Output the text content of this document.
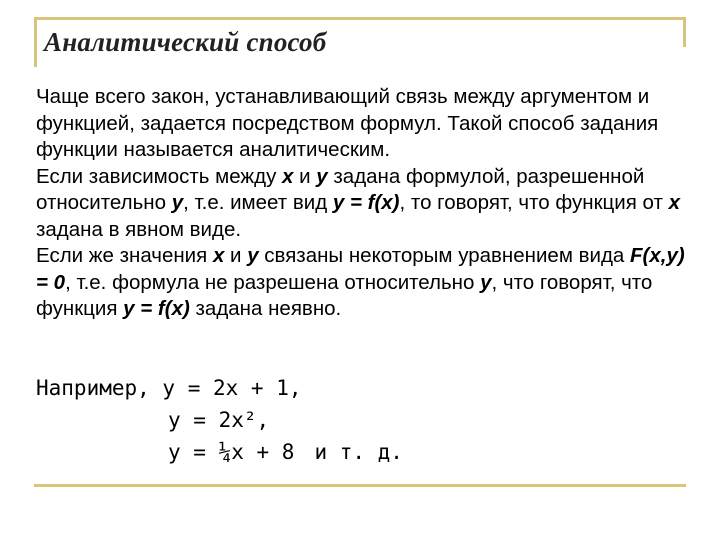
Аналитический способ

Чаще всего закон, устанавливающий связь между аргументом и функцией, задается посредством формул. Такой способ задания функции называется аналитическим.

Если зависимость между x и y задана формулой, разрешенной относительно y, т.е. имеет вид y = f(x), то говорят, что функция от x задана в явном виде.

Если же значения x и y связаны некоторым уравнением вида F(x,y) = 0, т.е. формула не разрешена относительно y, что говорят, что функция y = f(x) задана неявно.

Например, y = 2x + 1,
y = 2x²,
y = ¼x + 8 и т. д.
